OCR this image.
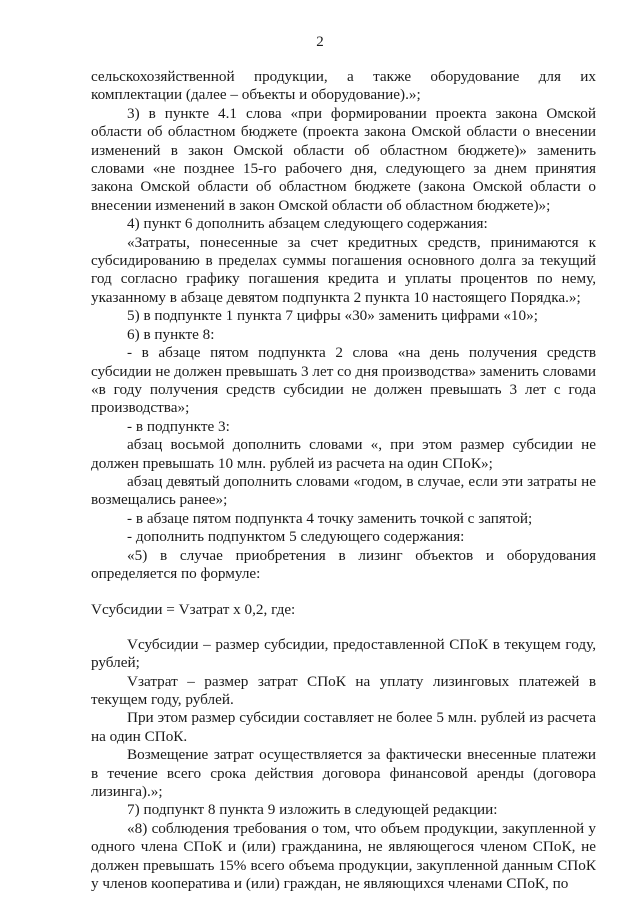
2

сельскохозяйственной продукции, а также оборудование для их комплектации (далее – объекты и оборудование).»;

3) в пункте 4.1 слова «при формировании проекта закона Омской области об областном бюджете (проекта закона Омской области о внесении изменений в закон Омской области об областном бюджете)» заменить словами «не позднее 15-го рабочего дня, следующего за днем принятия закона Омской области об областном бюджете (закона Омской области о внесении изменений в закон Омской области об областном бюджете)»;

4) пункт 6 дополнить абзацем следующего содержания:

«Затраты, понесенные за счет кредитных средств, принимаются к субсидированию в пределах суммы погашения основного долга за текущий год согласно графику погашения кредита и уплаты процентов по нему, указанному в абзаце девятом подпункта 2 пункта 10 настоящего Порядка.»;

5) в подпункте 1 пункта 7 цифры «30» заменить цифрами «10»;

6) в пункте 8:

- в абзаце пятом подпункта 2 слова «на день получения средств субсидии не должен превышать 3 лет со дня производства» заменить словами «в году получения средств субсидии не должен превышать 3 лет с года производства»;

- в подпункте 3:

абзац восьмой дополнить словами «, при этом размер субсидии не должен превышать 10 млн. рублей из расчета на один СПоК»;

абзац девятый дополнить словами «годом, в случае, если эти затраты не возмещались ранее»;

- в абзаце пятом подпункта 4 точку заменить точкой с запятой;

- дополнить подпунктом 5 следующего содержания:

«5) в случае приобретения в лизинг объектов и оборудования определяется по формуле:

Vсубсидии = Vзатрат х 0,2, где:

Vсубсидии – размер субсидии, предоставленной СПоК в текущем году, рублей;

Vзатрат – размер затрат СПоК на уплату лизинговых платежей в текущем году, рублей.

При этом размер субсидии составляет не более 5 млн. рублей из расчета на один СПоК.

Возмещение затрат осуществляется за фактически внесенные платежи в течение всего срока действия договора финансовой аренды (договора лизинга).»;

7) подпункт 8 пункта 9 изложить в следующей редакции:

«8) соблюдения требования о том, что объем продукции, закупленной у одного члена СПоК и (или) гражданина, не являющегося членом СПоК, не должен превышать 15% всего объема продукции, закупленной данным СПоК у членов кооператива и (или) граждан, не являющихся членами СПоК, по
